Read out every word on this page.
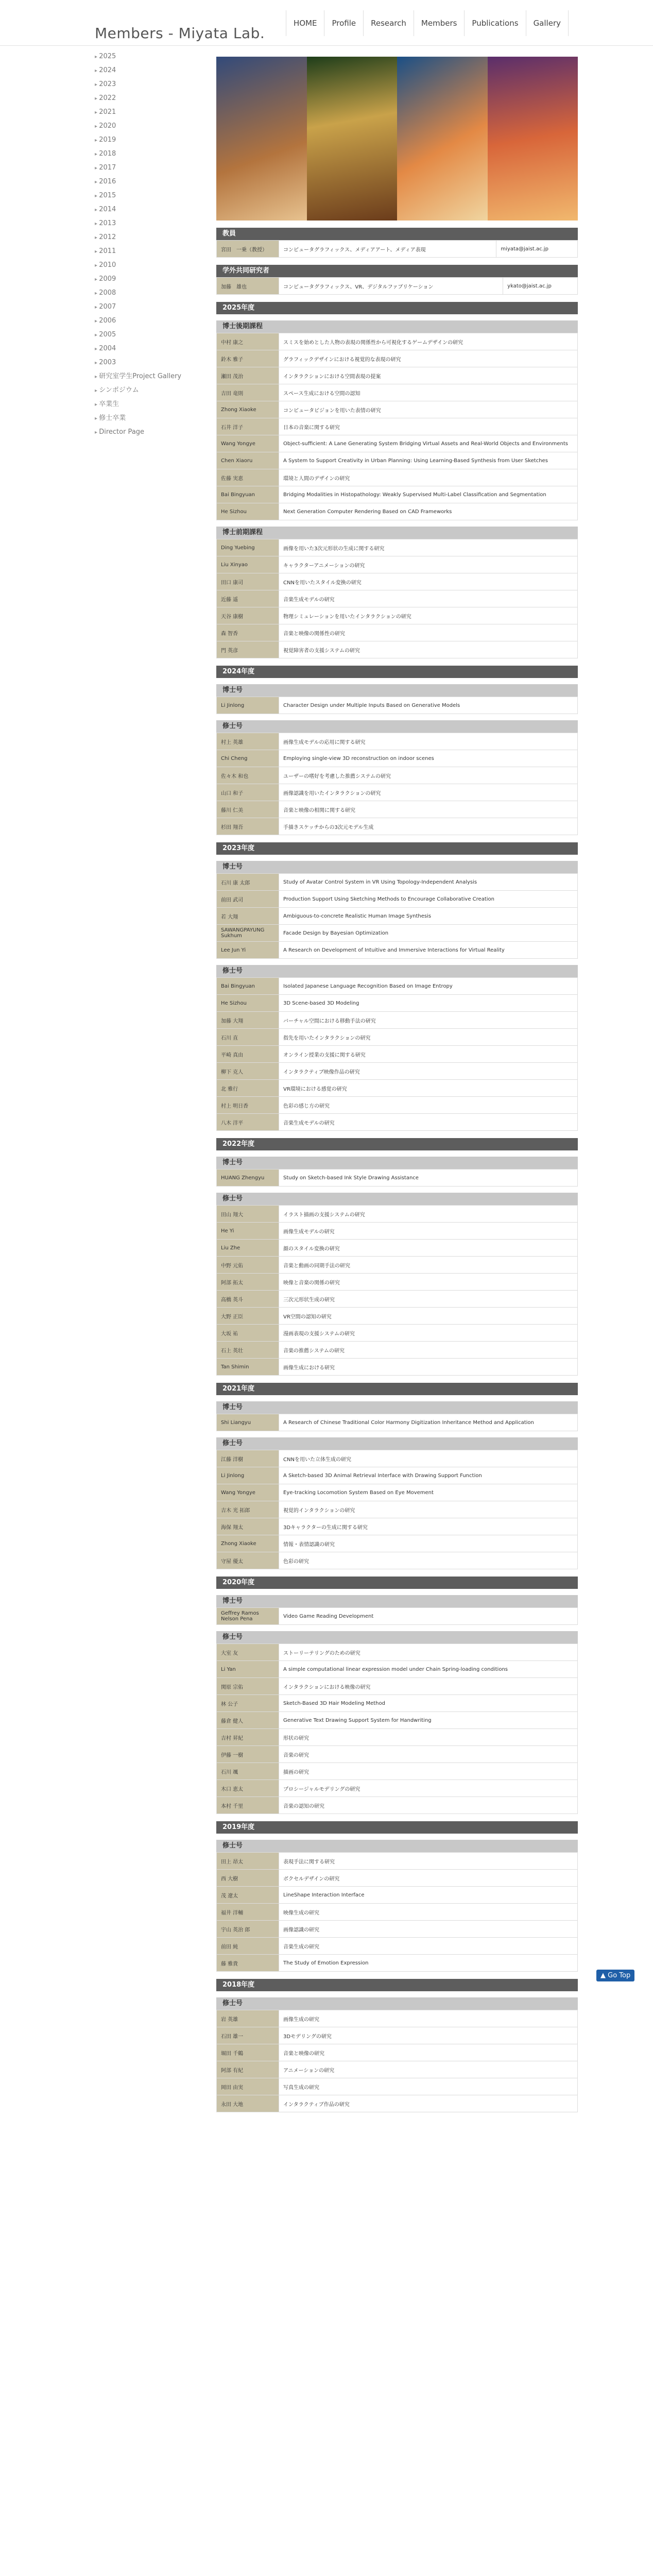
Members - Miyata Lab.
HOME	Profile	Research	Members	Publications	Gallery
▸ 2025
▸ 2024
▸ 2023
▸ 2022
▸ 2021
▸ 2020
▸ 2019
▸ 2018
▸ 2017
▸ 2016
▸ 2015
▸ 2014
▸ 2013
▸ 2012
▸ 2011
▸ 2010
▸ 2009
▸ 2008
▸ 2007
▸ 2006
▸ 2005
▸ 2004
▸ 2003
▸ 研究室学生Project Gallery
▸ シンポジウム
▸ 卒業生
▸ 修士卒業
▸ Director Page
教員
宮田　一乗（教授）	コンピュータグラフィックス、メディアアート、メディア表現	miyata@jaist.ac.jp
学外共同研究者
加藤　雄也	コンピュータグラフィックス、VR、デジタルファブリケーション	ykato@jaist.ac.jp
2025年度
博士後期課程
中村 康之	スミスを始めとした人物の表現の関係性から可視化するゲームデザインの研究
鈴木 雅子	グラフィックデザインにおける視覚的な表現の研究
瀬田 茂治	インタラクションにおける空間表現の提案
吉田 竜則	スペース生成における空間の認知
Zhong Xiaoke	コンピュータビジョンを用いた表情の研究
石井 洋子	日本の音楽に関する研究
Wang Yongye	Object-sufficient: A Lane Generating System Bridging Virtual Assets and Real-World Objects and Environments
Chen Xiaoru	A System to Support Creativity in Urban Planning: Using Learning-Based Synthesis from User Sketches
佐藤 実恵	環境と人間のデザインの研究
Bai Bingyuan	Bridging Modalities in Histopathology: Weakly Supervised Multi-Label Classification and Segmentation
He Sizhou	Next Generation Computer Rendering Based on CAD Frameworks
博士前期課程
Ding Yuebing	画像を用いた3次元形状の生成に関する研究
Liu Xinyao	キャラクターアニメーションの研究
田口 康司	CNNを用いたスタイル変換の研究
近藤 遥	音楽生成モデルの研究
天谷 康樹	物理シミュレーションを用いたインタラクションの研究
森 智香	音楽と映像の関係性の研究
門 英彦	視覚障害者の支援システムの研究
2024年度
博士号
Li Jinlong	Character Design under Multiple Inputs Based on Generative Models
修士号
村上 英雄	画像生成モデルの応用に関する研究
Chi Cheng	Employing single-view 3D reconstruction on indoor scenes
佐々木 和也	ユーザーの嗜好を考慮した推薦システムの研究
山口 和子	画像認識を用いたインタラクションの研究
藤川 仁美	音楽と映像の相関に関する研究
杉田 翔吾	手描きスケッチからの3次元モデル生成
2023年度
博士号
石川 康 太郎	Study of Avatar Control System in VR Using Topology-Independent Analysis
前田 武司	Production Support Using Sketching Methods to Encourage Collaborative Creation
若 大翔	Ambiguous-to-concrete Realistic Human Image Synthesis
SAWANGPAYUNG Sukhum	Facade Design by Bayesian Optimization
Lee Jun Yi	A Research on Development of Intuitive and Immersive Interactions for Virtual Reality
修士号
Bai Bingyuan	Isolated Japanese Language Recognition Based on Image Entropy
He Sizhou	3D Scene-based 3D Modeling
加藤 大翔	バーチャル空間における移動手法の研究
石川 直	指先を用いたインタラクションの研究
平崎 真由	オンライン授業の支援に関する研究
柳下 克人	インタラクティブ映像作品の研究
北 雅行	VR環境における感覚の研究
村上 明日香	色彩の感じ方の研究
八木 洋平	音楽生成モデルの研究
2022年度
博士号
HUANG Zhengyu	Study on Sketch-based Ink Style Drawing Assistance
修士号
田山 翔大	イラスト描画の支援システムの研究
He Yi	画像生成モデルの研究
Liu Zhe	顔のスタイル変換の研究
中野 元佑	音楽と動画の同期手法の研究
阿部 拓太	映像と音楽の関係の研究
高橋 英斗	三次元形状生成の研究
大野 正臣	VR空間の認知の研究
大坂 祐	漫画表現の支援システムの研究
石上 英壮	音楽の推薦システムの研究
Tan Shimin	画像生成における研究
2021年度
博士号
Shi Liangyu	A Research of Chinese Traditional Color Harmony Digitization Inheritance Method and Application
修士号
江藤 洋樹	CNNを用いた立体生成の研究
Li Jinlong	A Sketch-based 3D Animal Retrieval Interface with Drawing Support Function
Wang Yongye	Eye-tracking Locomotion System Based on Eye Movement
吉木 光 拓郎	視覚的インタラクションの研究
海保 翔太	3Dキャラクターの生成に関する研究
Zhong Xiaoke	情報・表情認識の研究
守屋 優太	色彩の研究
2020年度
博士号
Geffrey Ramos Nelson Pena	Video Game Reading Development
修士号
大室 友	ストーリーテリングのための研究
Li Yan	A simple computational linear expression model under Chain Spring-loading conditions
関原 宗佑	インタラクションにおける映像の研究
林 公子	Sketch-Based 3D Hair Modeling Method
藤倉 健人	Generative Text Drawing Support System for Handwriting
吉村 昇紀	形状の研究
伊藤 一樹	音楽の研究
石川 颯	描画の研究
木口 恵太	プロシージャルモデリングの研究
本村 千里	音楽の認知の研究
2019年度
修士号
田上 昂太	表現手法に関する研究
西 大樹	ボクセルデザインの研究
茂 遼太	LineShape Interaction Interface
福井 洋輔	映像生成の研究
宇山 英治 郎	画像認識の研究
前田 純	音楽生成の研究
藤 雅貴	The Study of Emotion Expression
2018年度
修士号
岩 英雄	画像生成の研究
石田 雄一	3Dモデリングの研究
堀田 千鶴	音楽と映像の研究
阿部 有紀	アニメーションの研究
岡田 由実	写真生成の研究
永田 大地	インタラクティブ作品の研究
▲ Go Top
